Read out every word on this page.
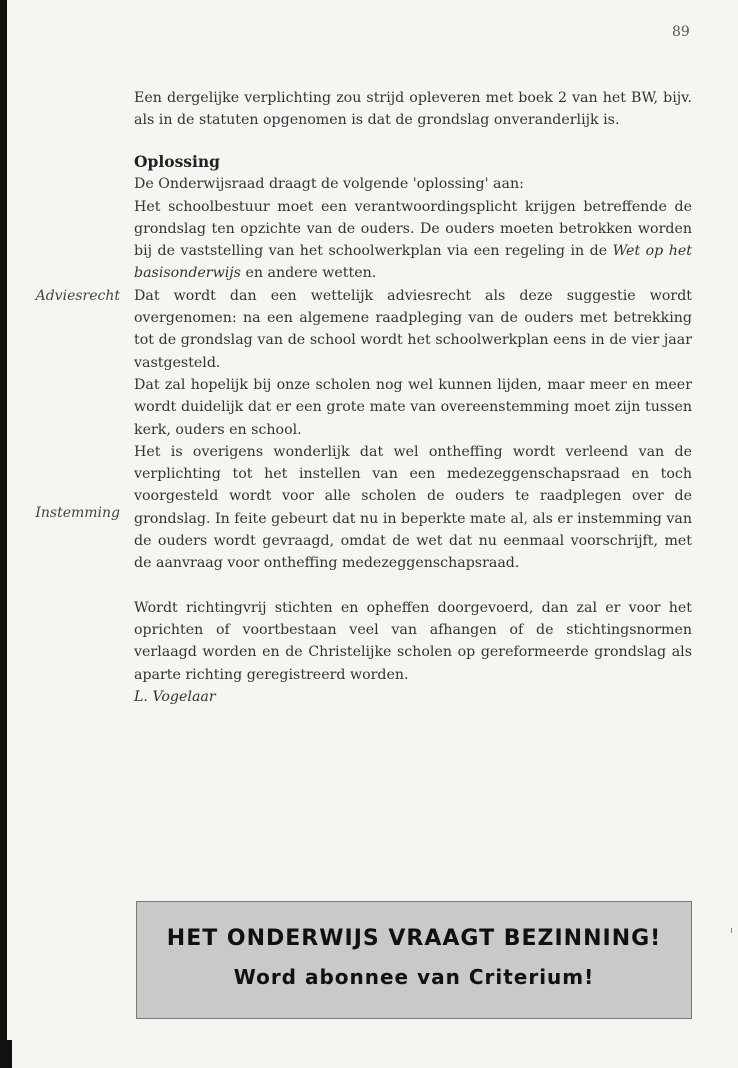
89

Een dergelijke verplichting zou strijd opleveren met boek 2 van het BW, bijv. als in de statuten opgenomen is dat de grondslag onveranderlijk is.

Oplossing

De Onderwijsraad draagt de volgende 'oplossing' aan:

Het schoolbestuur moet een verantwoordingsplicht krijgen betreffende de grondslag ten opzichte van de ouders. De ouders moeten betrokken worden bij de vaststelling van het schoolwerkplan via een regeling in de Wet op het basisonderwijs en andere wetten.

Dat wordt dan een wettelijk adviesrecht als deze suggestie wordt overgenomen: na een algemene raadpleging van de ouders met betrekking tot de grondslag van de school wordt het schoolwerkplan eens in de vier jaar vastgesteld.

Dat zal hopelijk bij onze scholen nog wel kunnen lijden, maar meer en meer wordt duidelijk dat er een grote mate van overeenstemming moet zijn tussen kerk, ouders en school.

Het is overigens wonderlijk dat wel ontheffing wordt verleend van de verplichting tot het instellen van een medezeggenschapsraad en toch voorgesteld wordt voor alle scholen de ouders te raadplegen over de grondslag. In feite gebeurt dat nu in beperkte mate al, als er instemming van de ouders wordt gevraagd, omdat de wet dat nu eenmaal voorschrijft, met de aanvraag voor ontheffing medezeggenschapsraad.

Wordt richtingvrij stichten en opheffen doorgevoerd, dan zal er voor het oprichten of voortbestaan veel van afhangen of de stichtingsnormen verlaagd worden en de Christelijke scholen op gereformeerde grondslag als aparte richting geregistreerd worden.

L. Vogelaar

Adviesrecht
Instemming
HET ONDERWIJS VRAAGT BEZINNING!
Word abonnee van Criterium!
